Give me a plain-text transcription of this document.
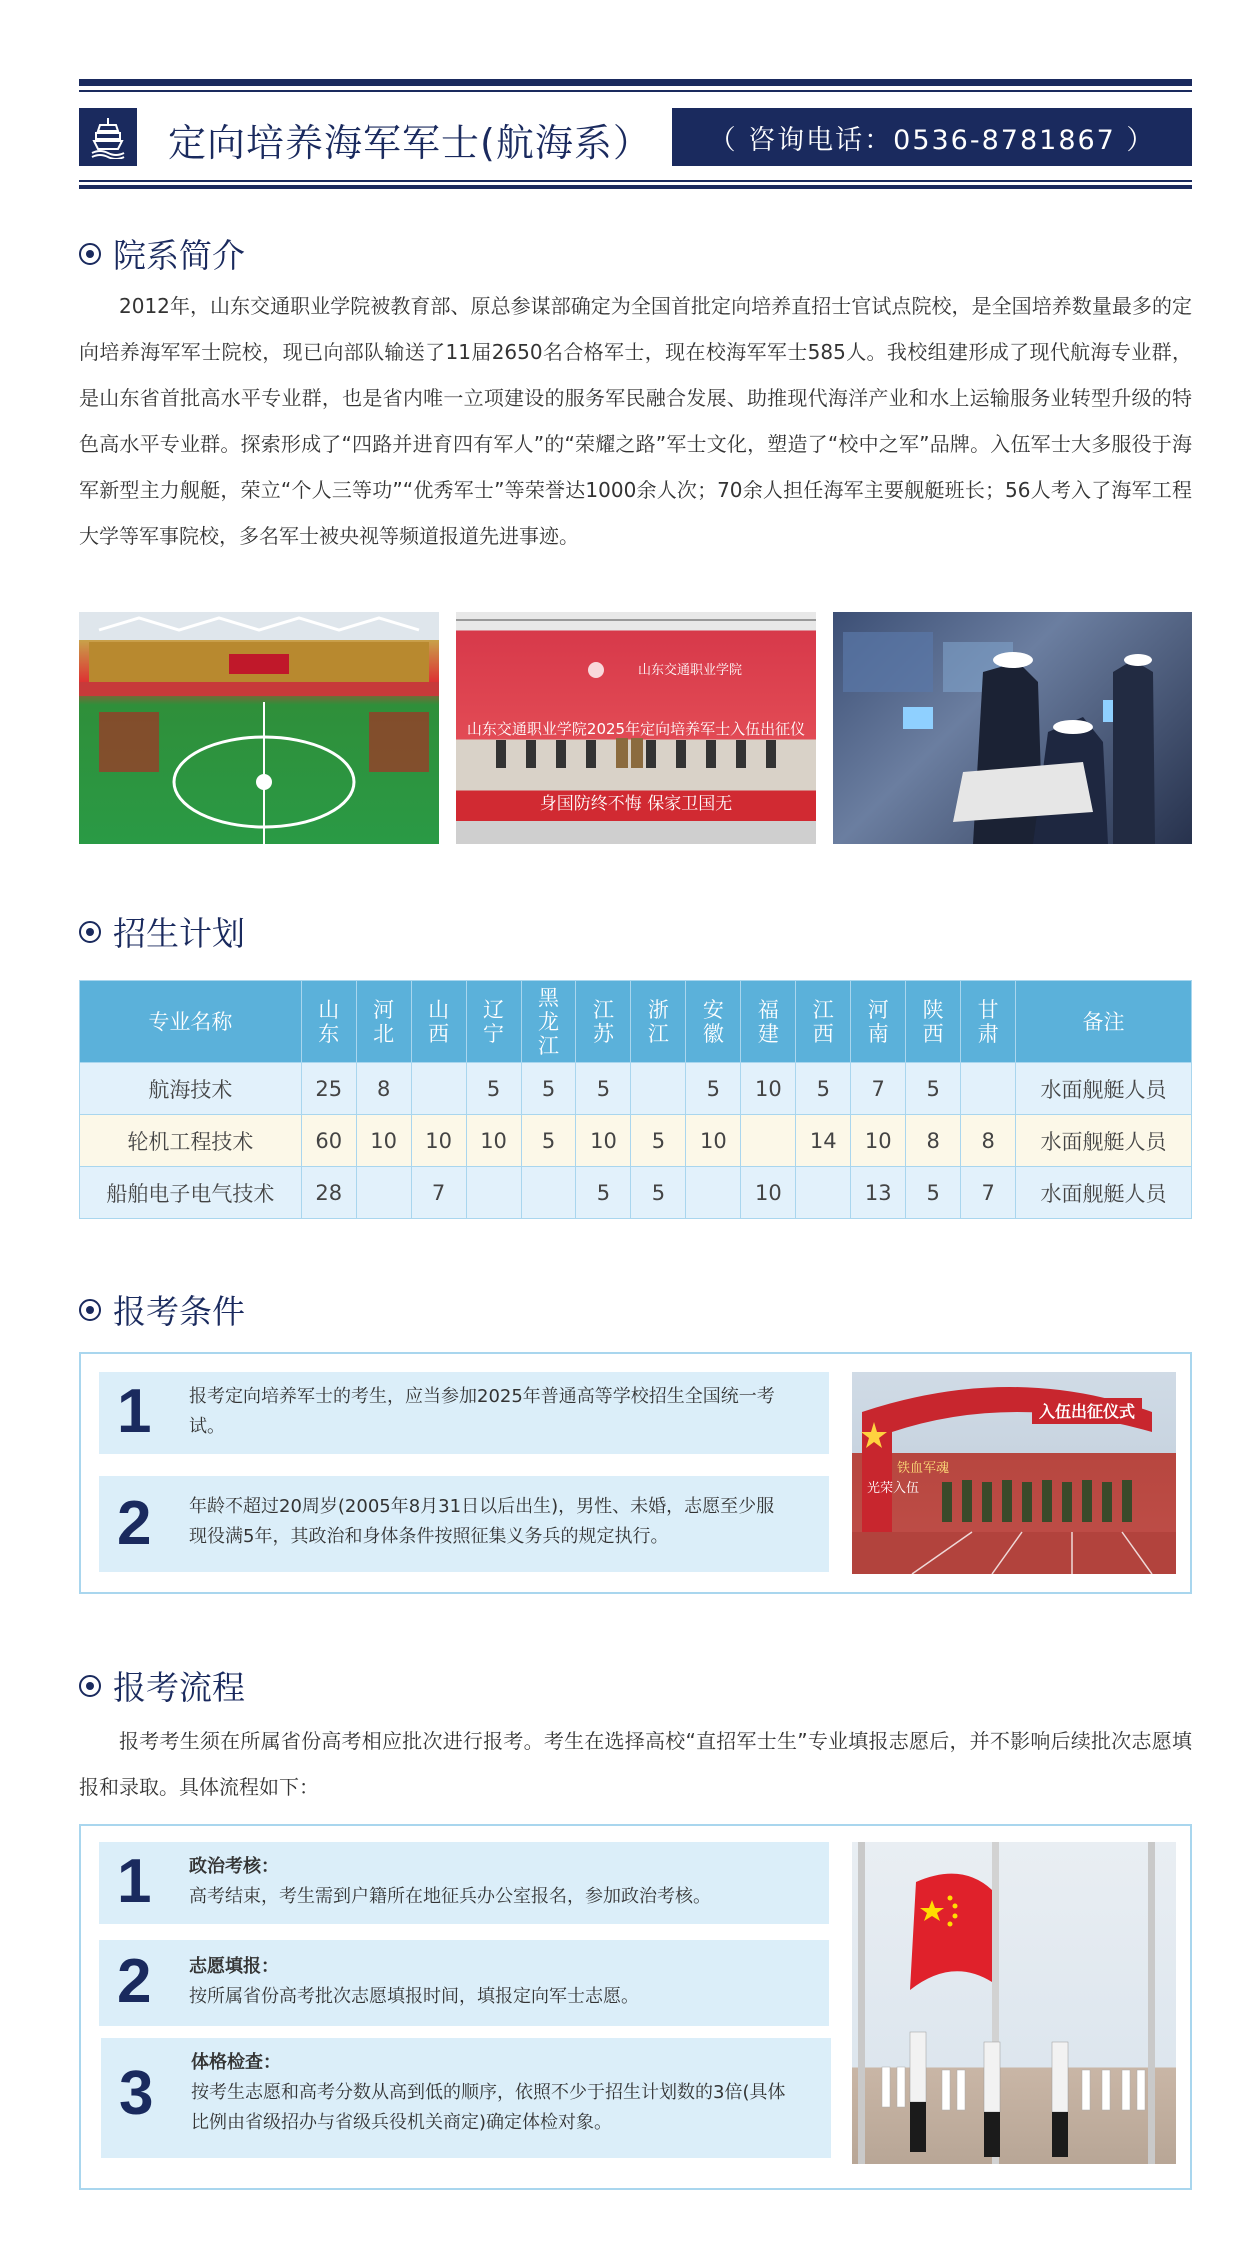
定向培养海军军士(航海系）	（ 咨询电话：0536-8781867 ）
院系简介
2012年，山东交通职业学院被教育部、原总参谋部确定为全国首批定向培养直招士官试点院校，是全国培养数量最多的定向培养海军军士院校，现已向部队输送了11届2650名合格军士，现在校海军军士585人。我校组建形成了现代航海专业群，是山东省首批高水平专业群，也是省内唯一立项建设的服务军民融合发展、助推现代海洋产业和水上运输服务业转型升级的特色高水平专业群。探索形成了“四路并进育四有军人”的“荣耀之路”军士文化，塑造了“校中之军”品牌。入伍军士大多服役于海军新型主力舰艇，荣立“个人三等功”“优秀军士”等荣誉达1000余人次；70余人担任海军主要舰艇班长；56人考入了海军工程大学等军事院校，多名军士被央视等频道报道先进事迹。
山东交通职业学院
山东交通职业学院2025年定向培养军士入伍出征仪
身国防终不悔 保家卫国无
招生计划
专业名称	山东	河北	山西	辽宁	黑龙江	江苏	浙江	安徽	福建	江西	河南	陕西	甘肃	备注
航海技术	25	8		5	5	5		5	10	5	7	5		水面舰艇人员
轮机工程技术	60	10	10	10	5	10	5	10		14	10	8	8	水面舰艇人员
船舶电子电气技术	28		7			5	5		10		13	5	7	水面舰艇人员
报考条件
1 报考定向培养军士的考生，应当参加2025年普通高等学校招生全国统一考试。
2 年龄不超过20周岁(2005年8月31日以后出生)，男性、未婚，志愿至少服现役满5年，其政治和身体条件按照征集义务兵的规定执行。
入伍出征仪式
光荣入伍
铁血军魂
报考流程
报考考生须在所属省份高考相应批次进行报考。考生在选择高校“直招军士生”专业填报志愿后，并不影响后续批次志愿填报和录取。具体流程如下：
1 政治考核：
高考结束，考生需到户籍所在地征兵办公室报名，参加政治考核。
2 志愿填报：
按所属省份高考批次志愿填报时间，填报定向军士志愿。
3 体格检查：
按考生志愿和高考分数从高到低的顺序，依照不少于招生计划数的3倍(具体比例由省级招办与省级兵役机关商定)确定体检对象。
